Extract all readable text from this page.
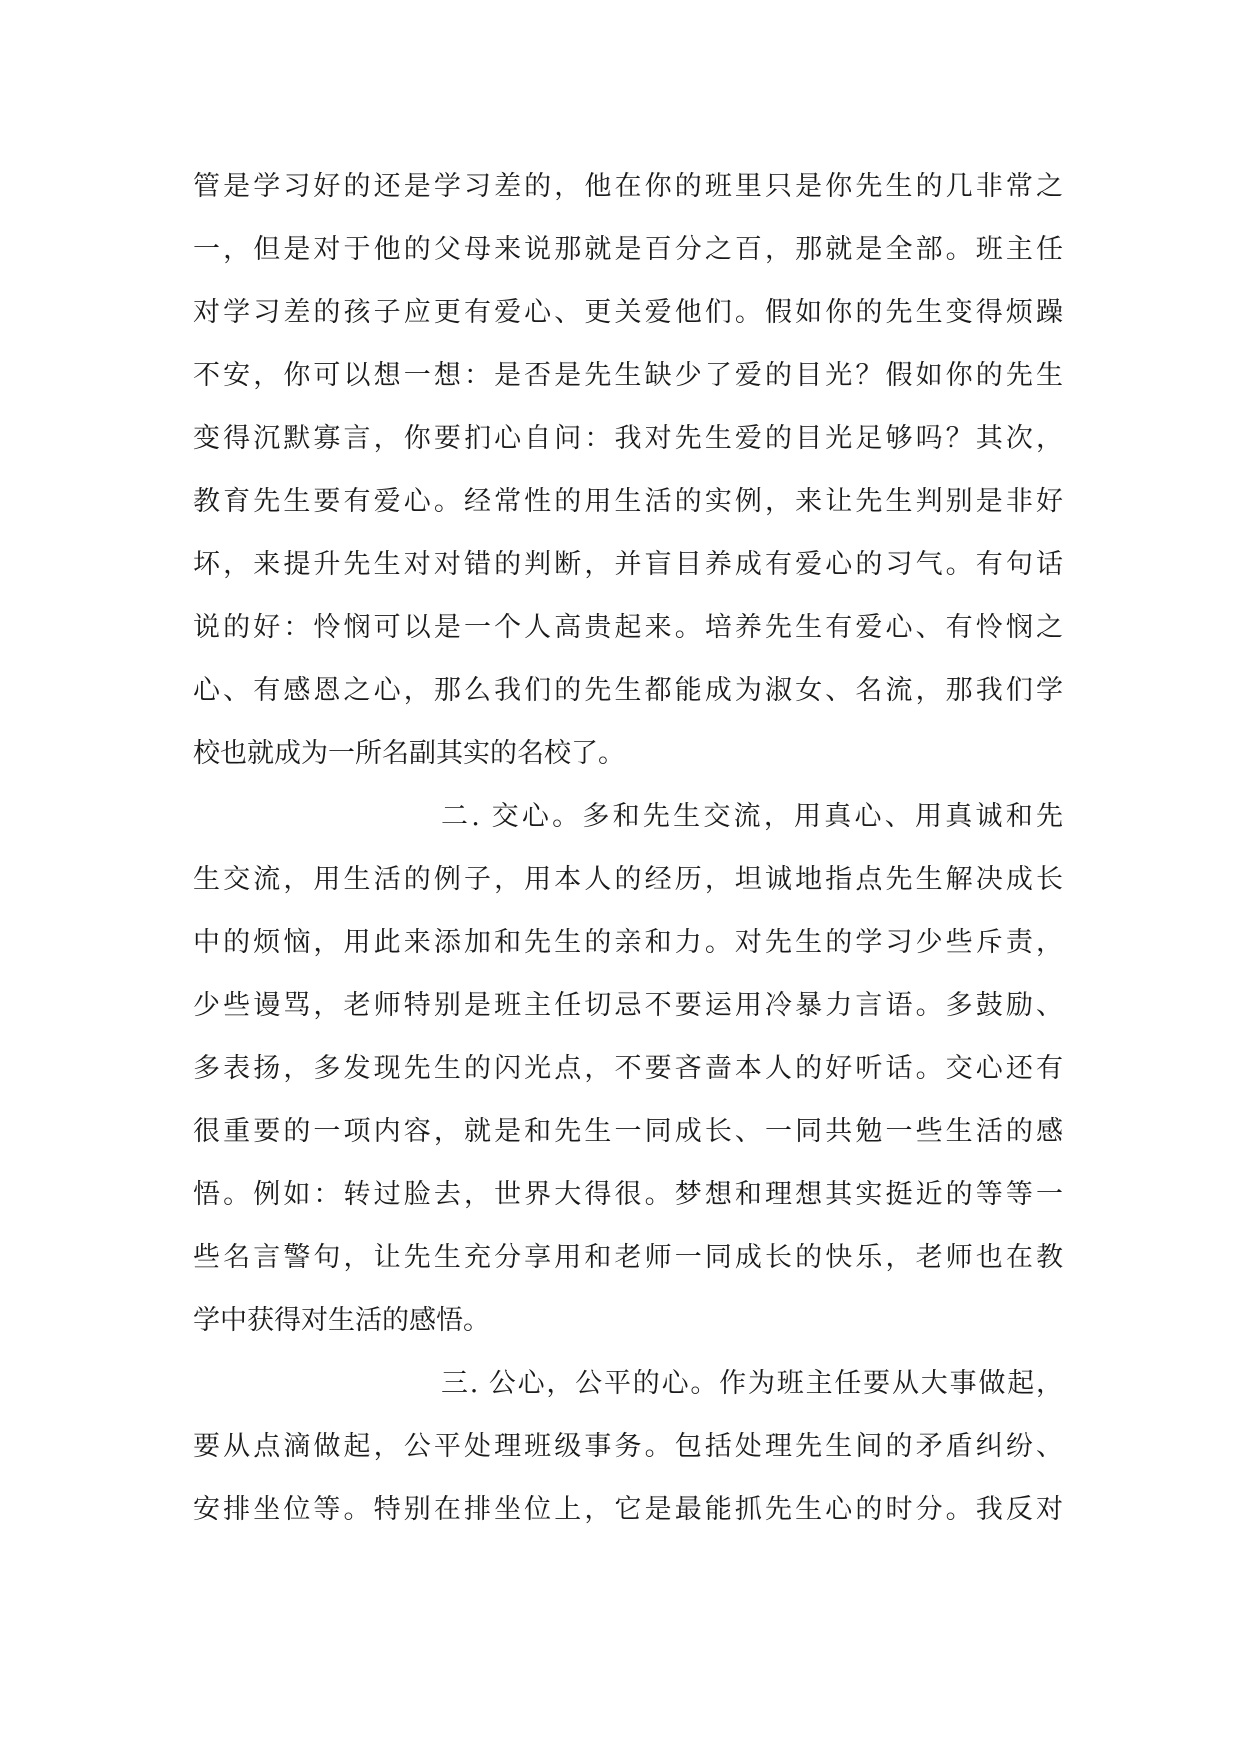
管是学习好的还是学习差的，他在你的班里只是你先生的几非常之
一，但是对于他的父母来说那就是百分之百，那就是全部。班主任
对学习差的孩子应更有爱心、更关爱他们。假如你的先生变得烦躁
不安，你可以想一想：是否是先生缺少了爱的目光？假如你的先生
变得沉默寡言，你要扪心自问：我对先生爱的目光足够吗？其次，
教育先生要有爱心。经常性的用生活的实例，来让先生判别是非好
坏，来提升先生对对错的判断，并盲目养成有爱心的习气。有句话
说的好：怜悯可以是一个人高贵起来。培养先生有爱心、有怜悯之
心、有感恩之心，那么我们的先生都能成为淑女、名流，那我们学
校也就成为一所名副其实的名校了。
二. 交心。多和先生交流，用真心、用真诚和先
生交流，用生活的例子，用本人的经历，坦诚地指点先生解决成长
中的烦恼，用此来添加和先生的亲和力。对先生的学习少些斥责，
少些谩骂，老师特别是班主任切忌不要运用冷暴力言语。多鼓励、
多表扬，多发现先生的闪光点，不要吝啬本人的好听话。交心还有
很重要的一项内容，就是和先生一同成长、一同共勉一些生活的感
悟。例如：转过脸去，世界大得很。梦想和理想其实挺近的等等一
些名言警句，让先生充分享用和老师一同成长的快乐，老师也在教
学中获得对生活的感悟。
三. 公心，公平的心。作为班主任要从大事做起，
要从点滴做起，公平处理班级事务。包括处理先生间的矛盾纠纷、
安排坐位等。特别在排坐位上，它是最能抓先生心的时分。我反对
